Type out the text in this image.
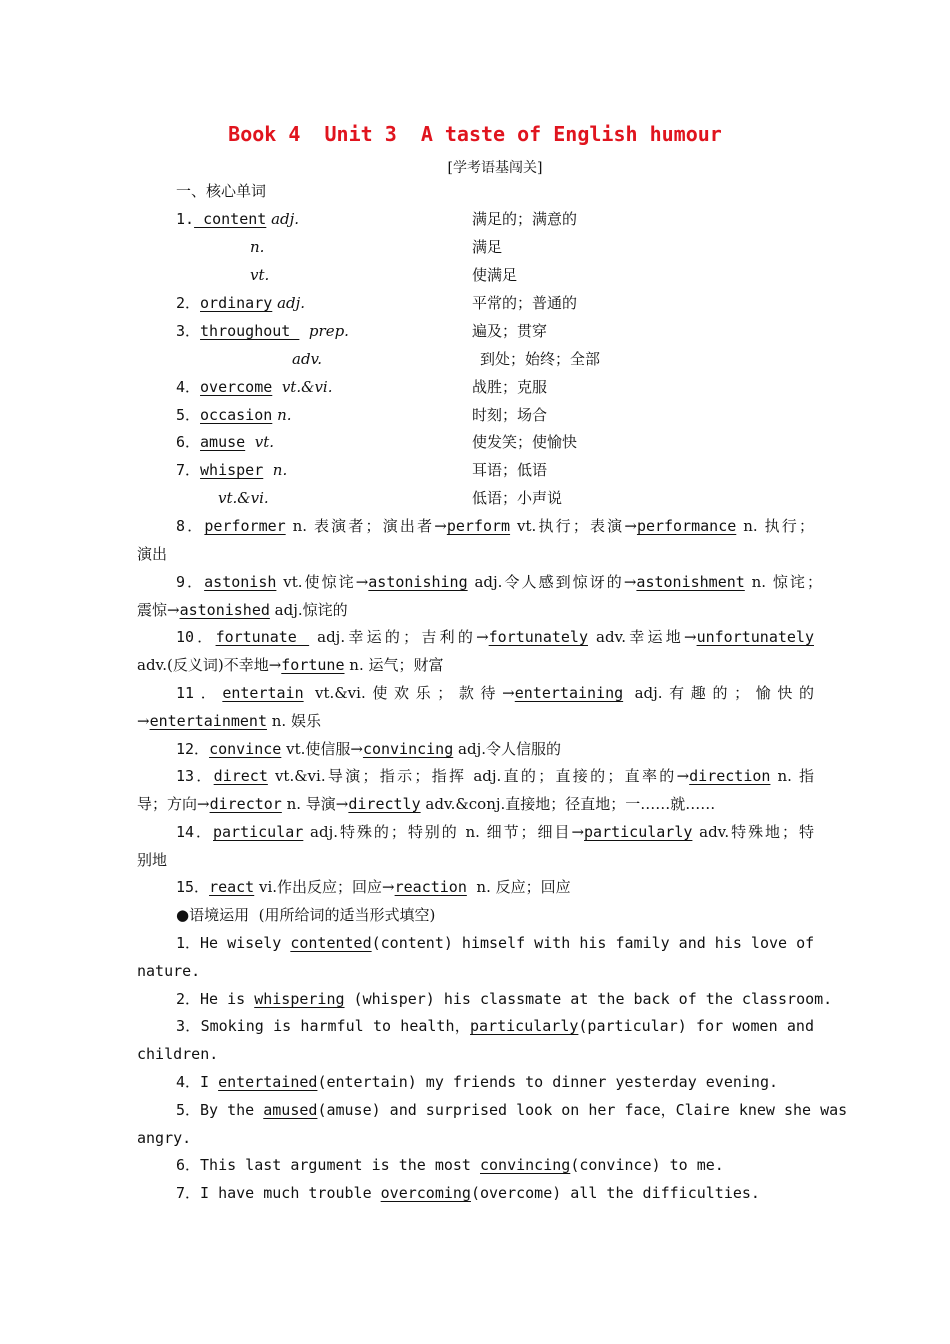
Book 4  Unit 3  A taste of English humour
[学考语基闯关]
一、核心单词
1. content adj.	满足的；满意的
n.	满足
vt.	使满足
2．ordinary adj.	平常的；普通的
3．throughout   prep.	遍及；贯穿
adv.	到处；始终；全部
4．overcome vt.&vi.	战胜；克服
5．occasion n.	时刻；场合
6．amuse vt.	使发笑；使愉快
7．whisper n.	耳语；低语
vt.&vi.	低语；小声说
8．performer n. 表演者；演出者→perform vt.执行；表演→performance n. 执行；
演出
9．astonish vt.使惊诧→astonishing adj.令人感到惊讶的→astonishment n. 惊诧；
震惊→astonished adj.惊诧的
10．fortunate  adj.幸运的；吉利的→fortunately adv.幸运地→unfortunately
adv.(反义词)不幸地→fortune n. 运气；财富
11．entertain vt.&vi.使欢乐；款待→entertaining adj.有趣的；愉快的
→entertainment n. 娱乐
12．convince vt.使信服→convincing adj.令人信服的
13．direct vt.&vi.导演；指示；指挥 adj.直的；直接的；直率的→direction n. 指
导；方向→director n. 导演→directly adv.&conj.直接地；径直地；一……就……
14．particular adj.特殊的；特别的 n. 细节；细目→particularly adv.特殊地；特
别地
15．react vi.作出反应；回应→reaction n. 反应；回应
●语境运用  (用所给词的适当形式填空)
1．He wisely contented(content) himself with his family and his love of
nature.
2．He is whispering (whisper) his classmate at the back of the classroom.
3．Smoking is harmful to health，particularly(particular) for women and
children.
4．I entertained(entertain) my friends to dinner yesterday evening.
5．By the amused(amuse) and surprised look on her face，Claire knew she was
angry.
6．This last argument is the most convincing(convince) to me.
7．I have much trouble overcoming(overcome) all the difficulties.
